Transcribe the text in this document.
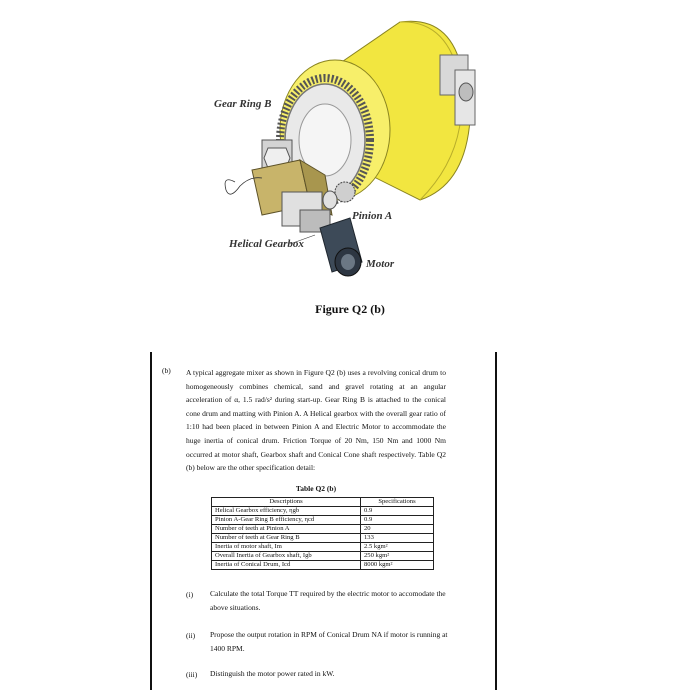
Gear Ring B
Pinion A
Helical Gearbox
Motor
Figure Q2 (b)
(b) A typical aggregate mixer as shown in Figure Q2 (b) uses a revolving conical drum to homogeneously combines chemical, sand and gravel rotating at an angular acceleration of α, 1.5 rad/s² during start-up. Gear Ring B is attached to the conical cone drum and matting with Pinion A. A Helical gearbox with the overall gear ratio of 1:10 had been placed in between Pinion A and Electric Motor to accommodate the huge inertia of conical drum. Friction Torque of 20 Nm, 150 Nm and 1000 Nm occurred at motor shaft, Gearbox shaft and Conical Cone shaft respectively. Table Q2 (b) below are the other specification detail:
Table Q2 (b)
Descriptions	Specifications
Helical Gearbox efficiency, ηgb	0.9
Pinion A-Gear Ring B efficiency, ηcd	0.9
Number of teeth at Pinion A	20
Number of teeth at Gear Ring B	133
Inertia of motor shaft, Im	2.5 kgm²
Overall Inertia of Gearbox shaft, Igb	250 kgm²
Inertia of Conical Drum, Icd	8000 kgm²
(i) Calculate the total Torque TT required by the electric motor to accomodate the above situations.
(ii) Propose the output rotation in RPM of Conical Drum NA if motor is running at 1400 RPM.
(iii) Distinguish the motor power rated in kW.
